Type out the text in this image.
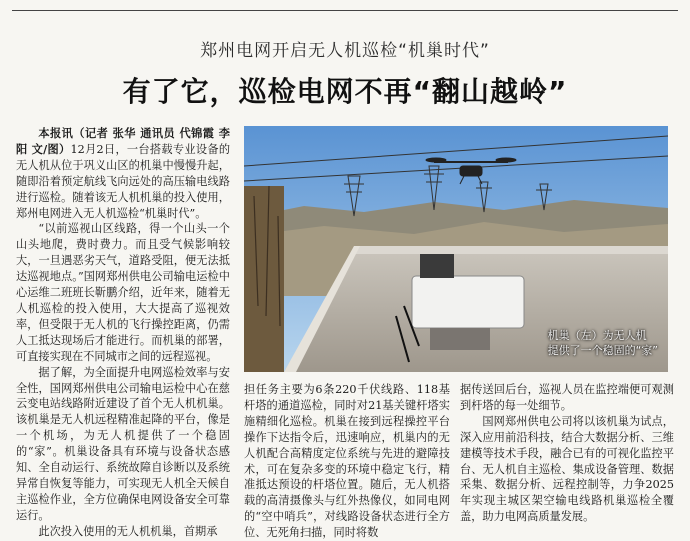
郑州电网开启无人机巡检“机巢时代”
有了它，巡检电网不再“翻山越岭”

本报讯（记者 张华 通讯员 代锦霞 李阳 文/图）12月2日，一台搭载专业设备的无人机从位于巩义山区的机巢中慢慢升起，随即沿着预定航线飞向远处的高压输电线路进行巡检。随着该无人机机巢的投入使用，郑州电网进入无人机巡检“机巢时代”。

“以前巡视山区线路，得一个山头一个山头地爬，费时费力。而且受气候影响较大，一旦遇恶劣天气，道路受阻，便无法抵达巡视地点。”国网郑州供电公司输电运检中心运维二班班长靳鹏介绍，近年来，随着无人机巡检的投入使用，大大提高了巡视效率，但受限于无人机的飞行操控距离，仍需人工抵达现场后才能进行。而机巢的部署，可直接实现在不同城市之间的远程巡视。

据了解，为全面提升电网巡检效率与安全性，国网郑州供电公司输电运检中心在慈云变电站线路附近建设了首个无人机机巢。该机巢是无人机远程精准起降的平台，像是一个机场，为无人机提供了一个稳固的“家”。机巢设备具有环境与设备状态感知、全自动运行、系统故障自诊断以及系统异常自恢复等能力，可实现无人机全天候自主巡检作业，全方位确保电网设备安全可靠运行。

此次投入使用的无人机机巢，首期承

机巢（左）为无人机
提供了一个稳固的“家”

担任务主要为6条220千伏线路、118基杆塔的通道巡检，同时对21基关键杆塔实施精细化巡检。机巢在接到远程操控平台操作下达指令后，迅速响应，机巢内的无人机配合高精度定位系统与先进的避障技术，可在复杂多变的环境中稳定飞行，精准抵达预设的杆塔位置。随后，无人机搭载的高清摄像头与红外热像仪，如同电网的“空中哨兵”，对线路设备状态进行全方位、无死角扫描，同时将数

据传送回后台，巡视人员在监控端便可观测到杆塔的每一处细节。

国网郑州供电公司将以该机巢为试点，深入应用前沿科技，结合大数据分析、三维建模等技术手段，融合已有的可视化监控平台、无人机自主巡检、集成设备管理、数据采集、数据分析、远程控制等，力争2025年实现主城区架空输电线路机巢巡检全覆盖，助力电网高质量发展。
